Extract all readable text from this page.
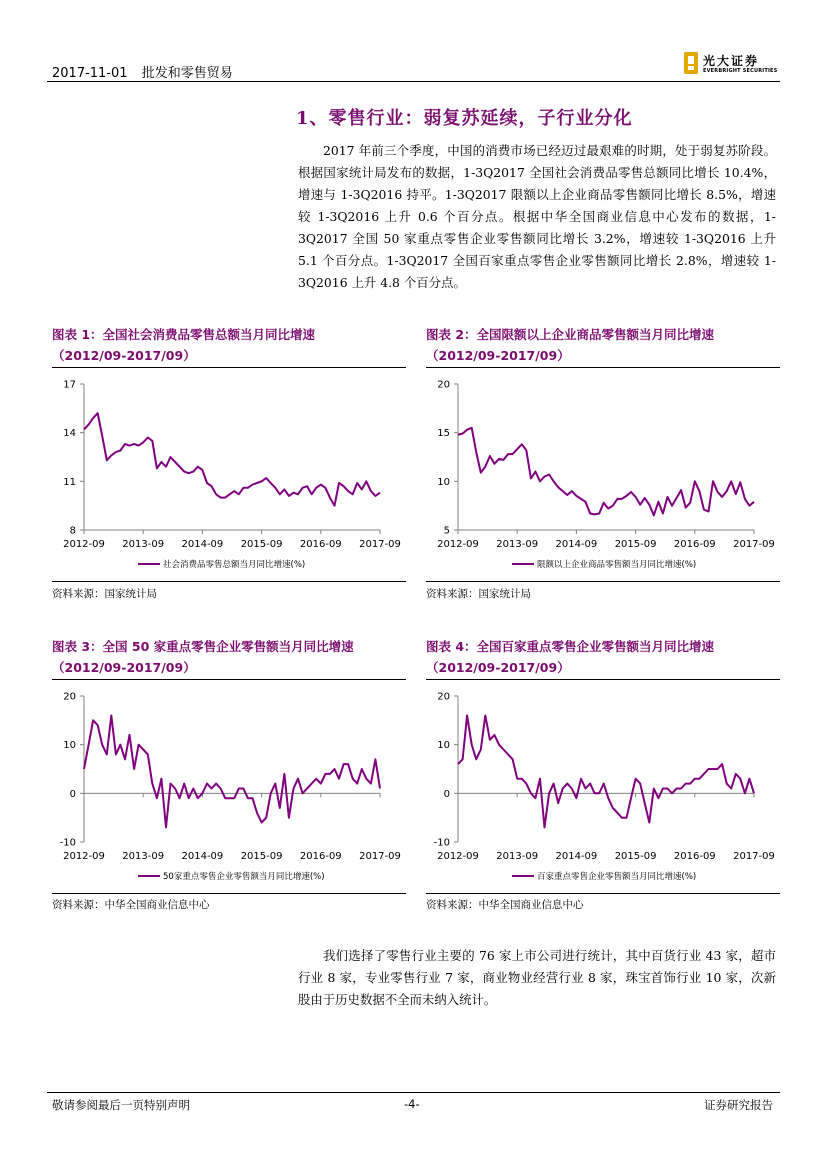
2017-11-01 批发和零售贸易
光大证券
EVERBRIGHT SECURITIES
1、零售行业：弱复苏延续，子行业分化
2017 年前三个季度，中国的消费市场已经迈过最艰难的时期，处于弱复苏阶段。根据国家统计局发布的数据，1-3Q2017 全国社会消费品零售总额同比增长 10.4%，增速与 1-3Q2016 持平。1-3Q2017 限额以上企业商品零售额同比增长 8.5%，增速较 1-3Q2016 上升 0.6 个百分点。根据中华全国商业信息中心发布的数据，1-3Q2017 全国 50 家重点零售企业零售额同比增长 3.2%，增速较 1-3Q2016 上升 5.1 个百分点。1-3Q2017 全国百家重点零售企业零售额同比增长 2.8%，增速较 1-3Q2016 上升 4.8 个百分点。
图表 1：全国社会消费品零售总额当月同比增速
（2012/09-2017/09）
8
11
14
17
2012-09 2013-09 2014-09 2015-09 2016-09 2017-09
社会消费品零售总额当月同比增速(%)
资料来源：国家统计局
图表 2：全国限额以上企业商品零售额当月同比增速
（2012/09-2017/09）
5
10
15
20
2012-09 2013-09 2014-09 2015-09 2016-09 2017-09
限额以上企业商品零售额当月同比增速(%)
资料来源：国家统计局
图表 3：全国 50 家重点零售企业零售额当月同比增速
（2012/09-2017/09）
-10
0
10
20
2012-09 2013-09 2014-09 2015-09 2016-09 2017-09
50家重点零售企业零售额当月同比增速(%)
资料来源：中华全国商业信息中心
图表 4：全国百家重点零售企业零售额当月同比增速
（2012/09-2017/09）
-10
0
10
20
2012-09 2013-09 2014-09 2015-09 2016-09 2017-09
百家重点零售企业零售额当月同比增速(%)
资料来源：中华全国商业信息中心
我们选择了零售行业主要的 76 家上市公司进行统计，其中百货行业 43 家，超市行业 8 家，专业零售行业 7 家，商业物业经营行业 8 家，珠宝首饰行业 10 家，次新股由于历史数据不全而未纳入统计。
敬请参阅最后一页特别声明	-4-	证券研究报告
